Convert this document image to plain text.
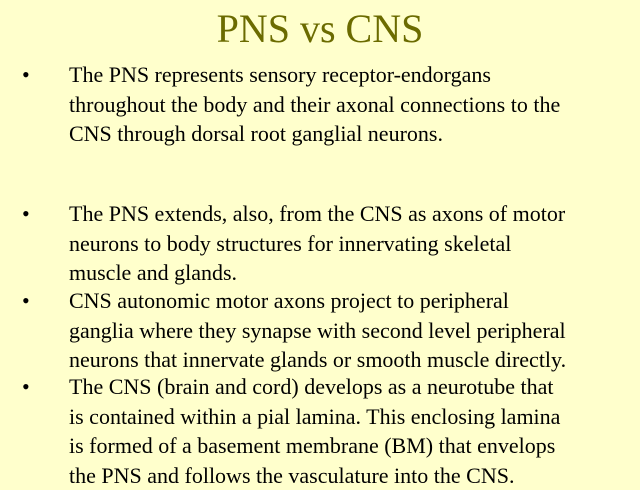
PNS vs CNS
• The PNS represents sensory receptor-endorgans
throughout the body and their axonal connections to the
CNS through dorsal root ganglial neurons.
• The PNS extends, also, from the CNS as axons of motor
neurons to body structures for innervating skeletal
muscle and glands.
• CNS autonomic motor axons project to peripheral
ganglia where they synapse with second level peripheral
neurons that innervate glands or smooth muscle directly.
• The CNS (brain and cord) develops as a neurotube that
is contained within a pial lamina. This enclosing lamina
is formed of a basement membrane (BM) that envelops
the PNS and follows the vasculature into the CNS.
